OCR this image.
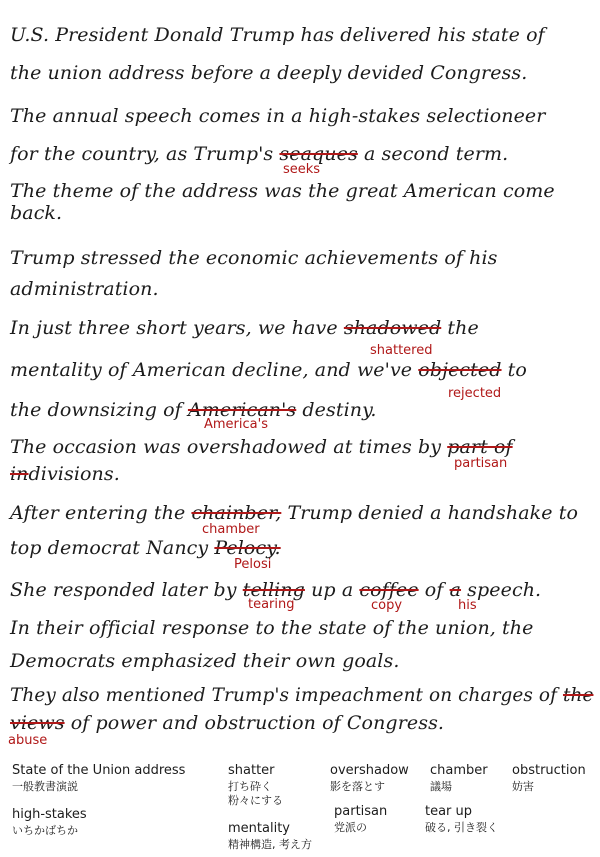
U.S. President Donald Trump has delivered his state of
the union address before a deeply devided Congress.
The annual speech comes in a high-stakes selectioneer
for the country, as Trump's seaques a second term.
seeks
The theme of the address was the great American come
back.
Trump stressed the economic achievements of his
administration.
In just three short years, we have shadowed the
shattered
mentality of American decline, and we've objected to
rejected
the downsizing of American's destiny.
America's
The occasion was overshadowed at times by part of
partisan
indivisions.
After entering the chainber, Trump denied a handshake to
chamber
top democrat Nancy Pelocy.
Pelosi
She responded later by telling up a coffee of a speech.
tearing	copy	his
In their official response to the state of the union, the
Democrats emphasized their own goals.
They also mentioned Trump's impeachment on charges of the
views of power and obstruction of Congress.
abuse
State of the Union address
一般教書演説
high-stakes
いちかばちか
shatter
打ち砕く
粉々にする
mentality
精神構造, 考え方
overshadow
影を落とす
partisan
党派の
chamber
議場
tear up
破る, 引き裂く
obstruction
妨害
